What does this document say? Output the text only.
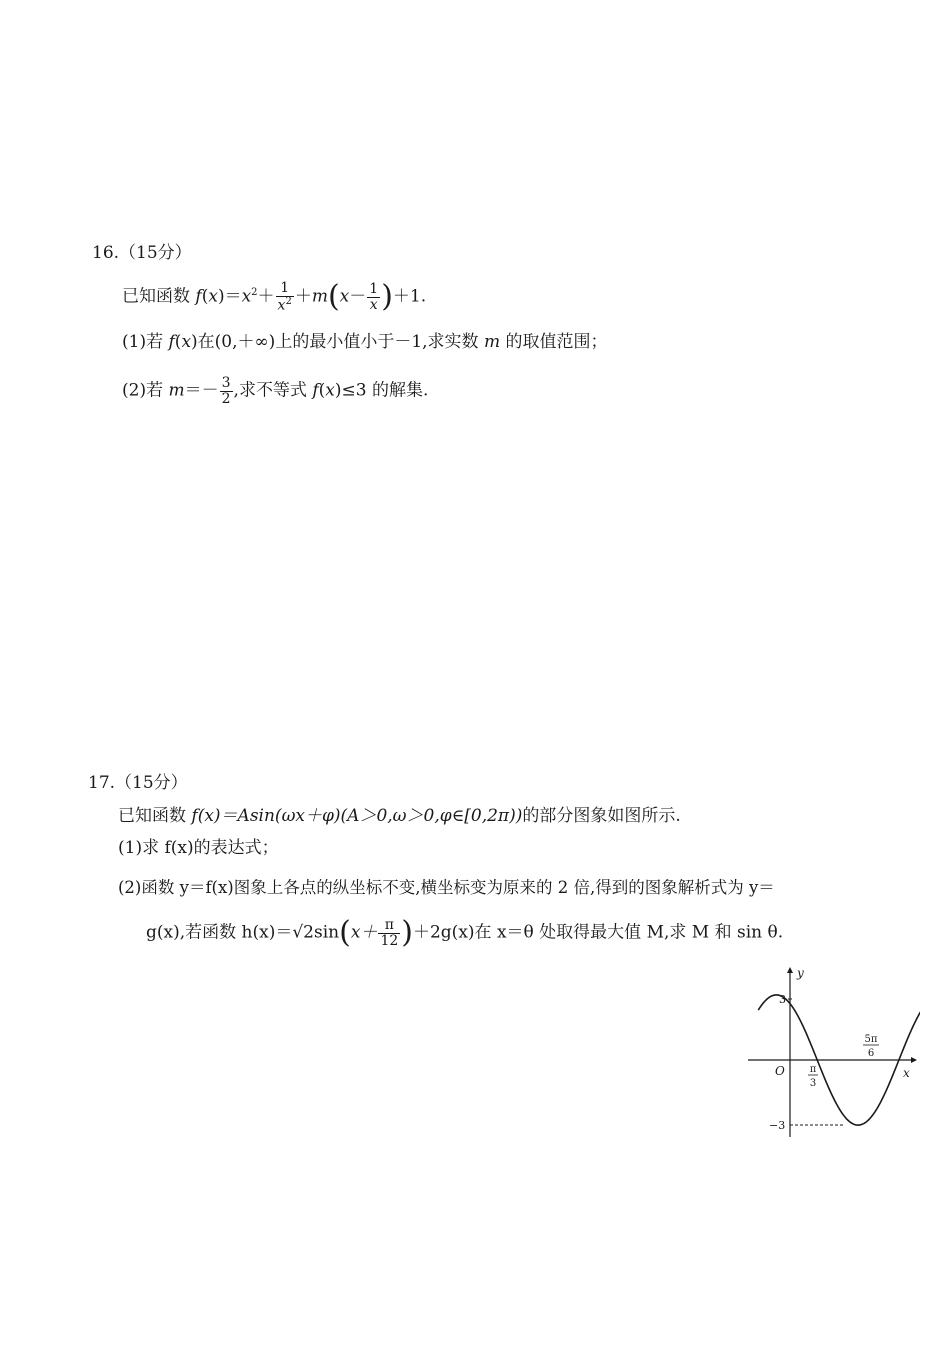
16.（15分）
已知函数 $f(x)=x^2+ \frac{1}{x^2} +m(x- \frac{1}{x} )+1$.
(1)若 f(x)在(0,＋∞)上的最小值小于－1,求实数 m 的取值范围；
(2)若 $m=- \frac{3}{2}$ ,求不等式 f(x)≤3 的解集.
17.（15分）
已知函数 f(x)＝Asin(ωx＋φ)(A＞0,ω＞0,φ∈[0,2π))的部分图象如图所示.
(1)求 f(x)的表达式；
(2)函数 y＝f(x)图象上各点的纵坐标不变,横坐标变为原来的 2 倍,得到的图象解析式为 y＝
g(x),若函数 $h(x)=√2\sin(x+ \frac{\pi}{12} )+2g(x)$在 x＝θ 处取得最大值 M,求 M 和 sin θ.
y
x
O
3
−3
π
3
5π
6
